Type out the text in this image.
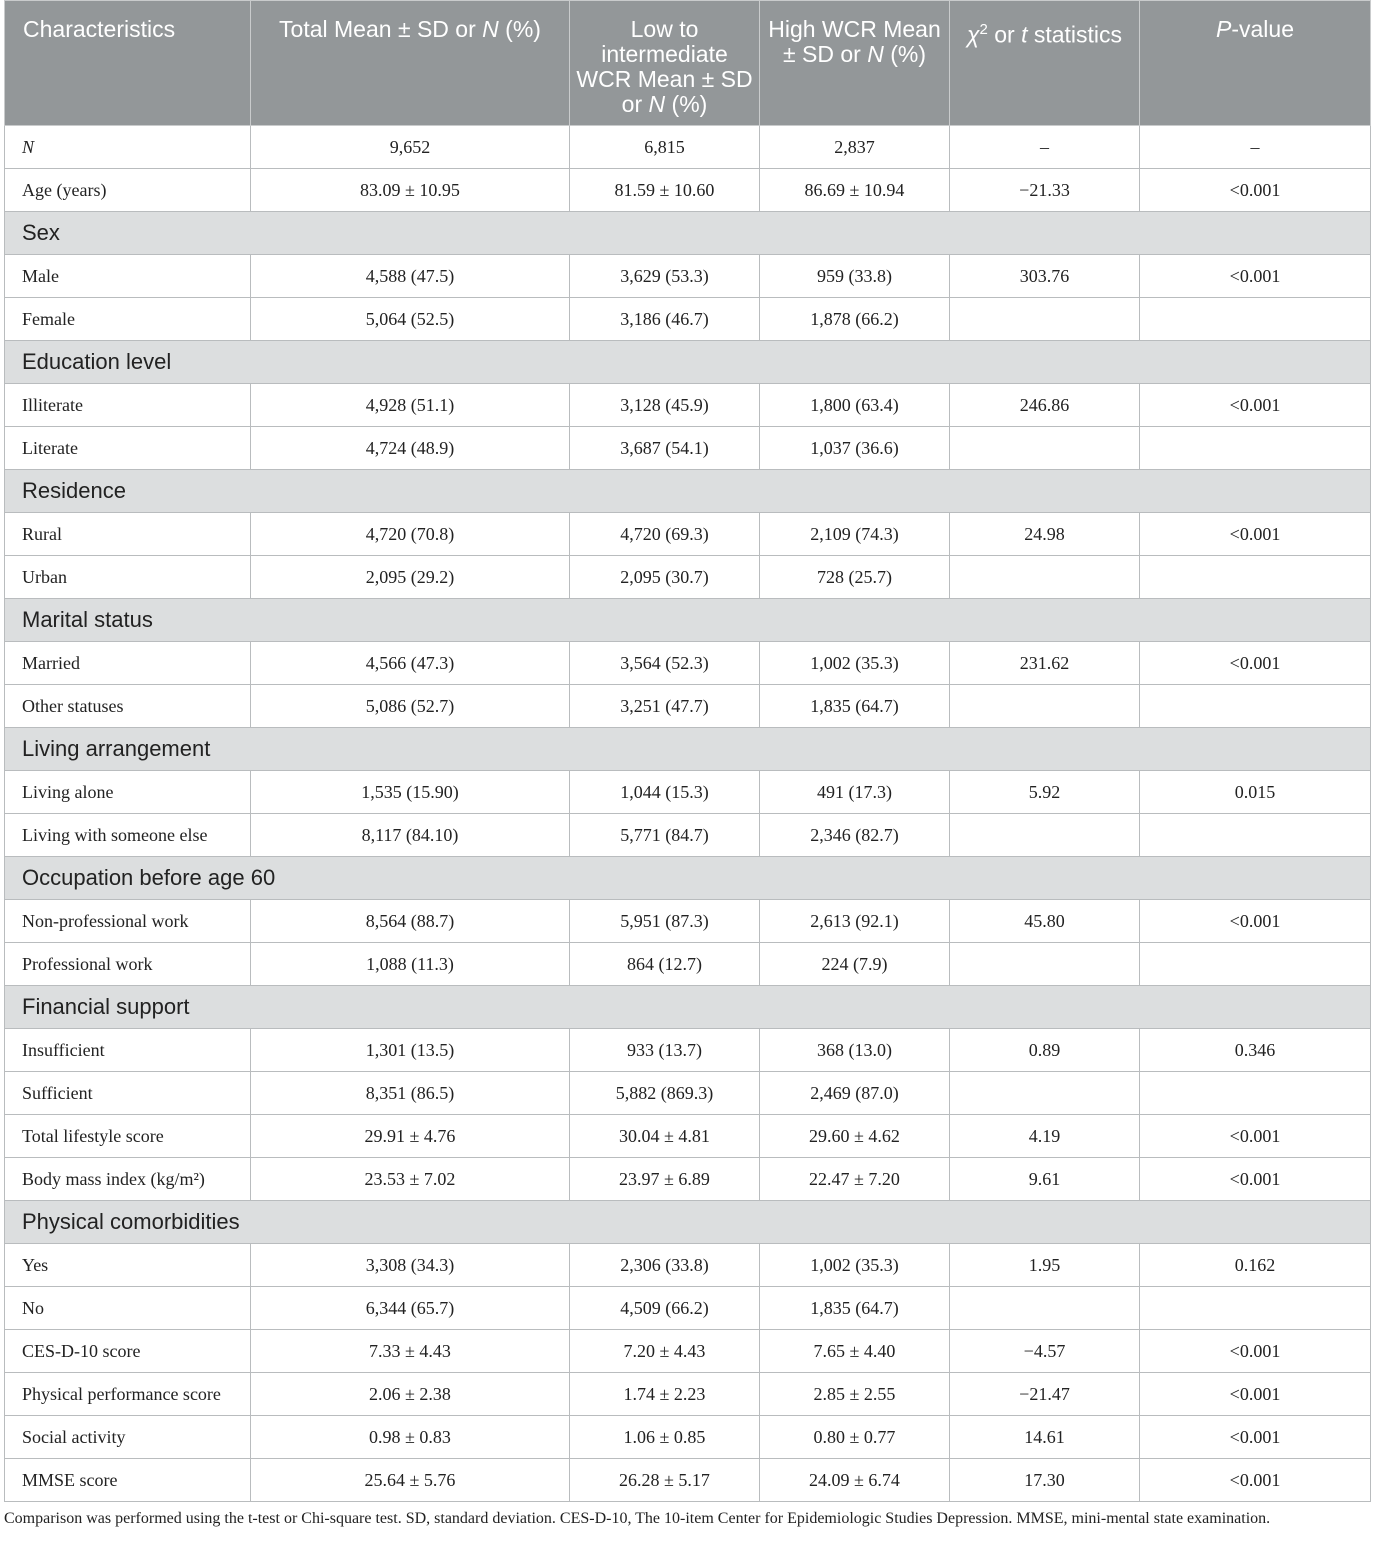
Characteristics	Total Mean ± SD or N (%)	Low to intermediate WCR Mean ± SD or N (%)	High WCR Mean ± SD or N (%)	$\chi^2$ or t statistics	P-value
N	9,652	6,815	2,837	–	–
Age (years)	83.09 ± 10.95	81.59 ± 10.60	86.69 ± 10.94	−21.33	<0.001
Sex					
Male	4,588 (47.5)	3,629 (53.3)	959 (33.8)	303.76	<0.001
Female	5,064 (52.5)	3,186 (46.7)	1,878 (66.2)		
Education level					
Illiterate	4,928 (51.1)	3,128 (45.9)	1,800 (63.4)	246.86	<0.001
Literate	4,724 (48.9)	3,687 (54.1)	1,037 (36.6)		
Residence					
Rural	4,720 (70.8)	4,720 (69.3)	2,109 (74.3)	24.98	<0.001
Urban	2,095 (29.2)	2,095 (30.7)	728 (25.7)		
Marital status					
Married	4,566 (47.3)	3,564 (52.3)	1,002 (35.3)	231.62	<0.001
Other statuses	5,086 (52.7)	3,251 (47.7)	1,835 (64.7)		
Living arrangement					
Living alone	1,535 (15.90)	1,044 (15.3)	491 (17.3)	5.92	0.015
Living with someone else	8,117 (84.10)	5,771 (84.7)	2,346 (82.7)		
Occupation before age 60					
Non-professional work	8,564 (88.7)	5,951 (87.3)	2,613 (92.1)	45.80	<0.001
Professional work	1,088 (11.3)	864 (12.7)	224 (7.9)		
Financial support					
Insufficient	1,301 (13.5)	933 (13.7)	368 (13.0)	0.89	0.346
Sufficient	8,351 (86.5)	5,882 (869.3)	2,469 (87.0)		
Total lifestyle score	29.91 ± 4.76	30.04 ± 4.81	29.60 ± 4.62	4.19	<0.001
Body mass index (kg/m²)	23.53 ± 7.02	23.97 ± 6.89	22.47 ± 7.20	9.61	<0.001
Physical comorbidities					
Yes	3,308 (34.3)	2,306 (33.8)	1,002 (35.3)	1.95	0.162
No	6,344 (65.7)	4,509 (66.2)	1,835 (64.7)		
CES-D-10 score	7.33 ± 4.43	7.20 ± 4.43	7.65 ± 4.40	−4.57	<0.001
Physical performance score	2.06 ± 2.38	1.74 ± 2.23	2.85 ± 2.55	−21.47	<0.001
Social activity	0.98 ± 0.83	1.06 ± 0.85	0.80 ± 0.77	14.61	<0.001
MMSE score	25.64 ± 5.76	26.28 ± 5.17	24.09 ± 6.74	17.30	<0.001
Comparison was performed using the t-test or Chi-square test. SD, standard deviation. CES-D-10, The 10-item Center for Epidemiologic Studies Depression. MMSE, mini-mental state examination.
